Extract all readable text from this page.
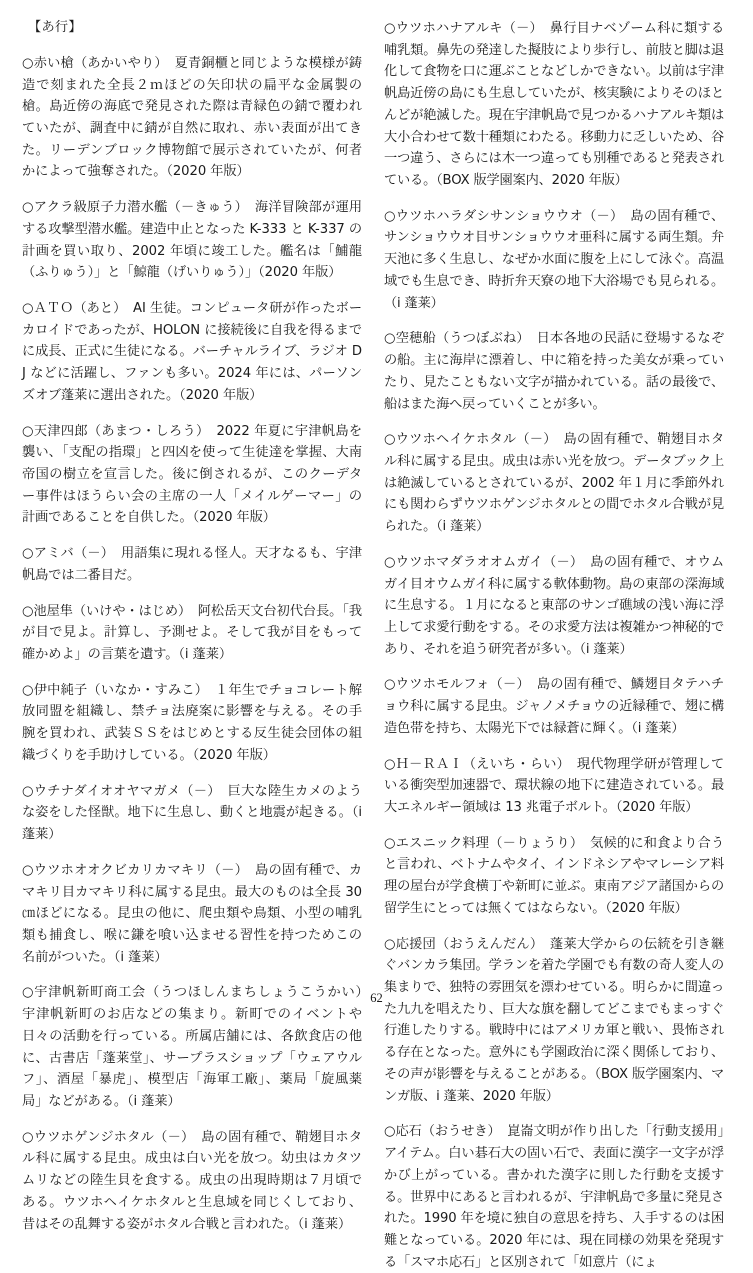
【あ行】

○赤い槍（あかいやり）　夏青銅櫃と同じような模様が鋳造で刻まれた全長２ｍほどの矢印状の扁平な金属製の槍。島近傍の海底で発見された際は青緑色の錆で覆われていたが、調査中に錆が自然に取れ、赤い表面が出てきた。リーデンブロック博物館で展示されていたが、何者かによって強奪された。（2020 年版）

○アクラ級原子力潜水艦（－きゅう）　海洋冒険部が運用する攻撃型潜水艦。建造中止となった K-333 と K-337 の計画を買い取り、2002 年頃に竣工した。艦名は「鯆龍（ふりゅう）」と「鯨龍（げいりゅう）」（2020 年版）

○ＡＴＯ（あと）　AI 生徒。コンピュータ研が作ったボーカロイドであったが、HOLON に接続後に自我を得るまでに成長、正式に生徒になる。バーチャルライブ、ラジオ DJ などに活躍し、ファンも多い。2024 年には、パーソンズオブ蓬莱に選出された。（2020 年版）

○天津四郎（あまつ・しろう）　2022 年夏に宇津帆島を襲い、「支配の指環」と四凶を使って生徒達を掌握、大南帝国の樹立を宣言した。後に倒されるが、このクーデター事件はほうらい会の主席の一人「メイルゲーマー」の計画であることを自供した。（2020 年版）

○アミバ（－）　用語集に現れる怪人。天才なるも、宇津帆島では二番目だ。

○池屋隼（いけや・はじめ）　阿松岳天文台初代台長。「我が目で見よ。計算し、予測せよ。そして我が目をもって確かめよ」の言葉を遺す。（i 蓬莱）

○伊中純子（いなか・すみこ）　１年生でチョコレート解放同盟を組織し、禁チョ法廃案に影響を与える。その手腕を買われ、武装ＳＳをはじめとする反生徒会団体の組織づくりを手助けしている。（2020 年版）

○ウチナダイオオヤマガメ（－）　巨大な陸生カメのような姿をした怪獣。地下に生息し、動くと地震が起きる。（i 蓬莱）

○ウツホオオクビカリカマキリ（－）　島の固有種で、カマキリ目カマキリ科に属する昆虫。最大のものは全長 30 ㎝ほどになる。昆虫の他に、爬虫類や鳥類、小型の哺乳類も捕食し、喉に鎌を喰い込ませる習性を持つためこの名前がついた。（i 蓬莱）

○宇津帆新町商工会（うつほしんまちしょうこうかい）　宇津帆新町のお店などの集まり。新町でのイベントや日々の活動を行っている。所属店舗には、各飲食店の他に、古書店「蓬莱堂」、サープラスショップ「ウェアウルフ」、酒屋「暴虎」、模型店「海軍工廠」、薬局「旋風薬局」などがある。（i 蓬莱）

○ウツホゲンジホタル（－）　島の固有種で、鞘翅目ホタル科に属する昆虫。成虫は白い光を放つ。幼虫はカタツムリなどの陸生貝を食する。成虫の出現時期は７月頃である。ウツホヘイケホタルと生息域を同じくしており、昔はその乱舞する姿がホタル合戦と言われた。（i 蓬莱）

○ウツホハナアルキ（－）　鼻行目ナベゾーム科に類する哺乳類。鼻先の発達した擬肢により歩行し、前肢と脚は退化して食物を口に運ぶことなどしかできない。以前は宇津帆島近傍の島にも生息していたが、核実験によりそのほとんどが絶滅した。現在宇津帆島で見つかるハナアルキ類は大小合わせて数十種類にわたる。移動力に乏しいため、谷一つ違う、さらには木一つ違っても別種であると発表されている。（BOX 版学園案内、2020 年版）

○ウツホハラダシサンショウウオ（－）　島の固有種で、サンショウウオ目サンショウウオ亜科に属する両生類。弁天池に多く生息し、なぜか水面に腹を上にして泳ぐ。高温域でも生息でき、時折弁天寮の地下大浴場でも見られる。（i 蓬莱）

○空穂船（うつぼぶね）　日本各地の民話に登場するなぞの船。主に海岸に漂着し、中に箱を持った美女が乗っていたり、見たこともない文字が描かれている。話の最後で、船はまた海へ戻っていくことが多い。

○ウツホヘイケホタル（－）　島の固有種で、鞘翅目ホタル科に属する昆虫。成虫は赤い光を放つ。データブック上は絶滅しているとされているが、2002 年１月に季節外れにも関わらずウツホゲンジホタルとの間でホタル合戦が見られた。（i 蓬莱）

○ウツホマダラオオムガイ（－）　島の固有種で、オウムガイ目オウムガイ科に属する軟体動物。島の東部の深海域に生息する。１月になると東部のサンゴ礁域の浅い海に浮上して求愛行動をする。その求愛方法は複雑かつ神秘的であり、それを追う研究者が多い。（i 蓬莱）

○ウツホモルフォ（－）　島の固有種で、鱗翅目タテハチョウ科に属する昆虫。ジャノメチョウの近縁種で、翅に構造色帯を持ち、太陽光下では緑蒼に輝く。（i 蓬莱）

○Ｈ－ＲＡＩ（えいち・らい）　現代物理学研が管理している衝突型加速器で、環状線の地下に建造されている。最大エネルギー領域は 13 兆電子ボルト。（2020 年版）

○エスニック料理（－りょうり）　気候的に和食より合うと言われ、ベトナムやタイ、インドネシアやマレーシア料理の屋台が学食横丁や新町に並ぶ。東南アジア諸国からの留学生にとっては無くてはならない。（2020 年版）

○応援団（おうえんだん）　蓬莱大学からの伝統を引き継ぐバンカラ集団。学ランを着た学園でも有数の奇人変人の集まりで、独特の雰囲気を漂わせている。明らかに間違った九九を唱えたり、巨大な旗を翻してどこまでもまっすぐ行進したりする。戦時中にはアメリカ軍と戦い、畏怖される存在となった。意外にも学園政治に深く関係しており、その声が影響を与えることがある。（BOX 版学園案内、マンガ版、i 蓬莱、2020 年版）

○応石（おうせき）　崑崙文明が作り出した「行動支援用」アイテム。白い碁石大の固い石で、表面に漢字一文字が浮かび上がっている。書かれた漢字に則した行動を支援する。世界中にあると言われるが、宇津帆島で多量に発見された。1990 年を境に独自の意思を持ち、入手するのは困難となっている。2020 年には、現在同様の効果を発現する「スマホ応石」と区別されて「如意片（にょ

62
